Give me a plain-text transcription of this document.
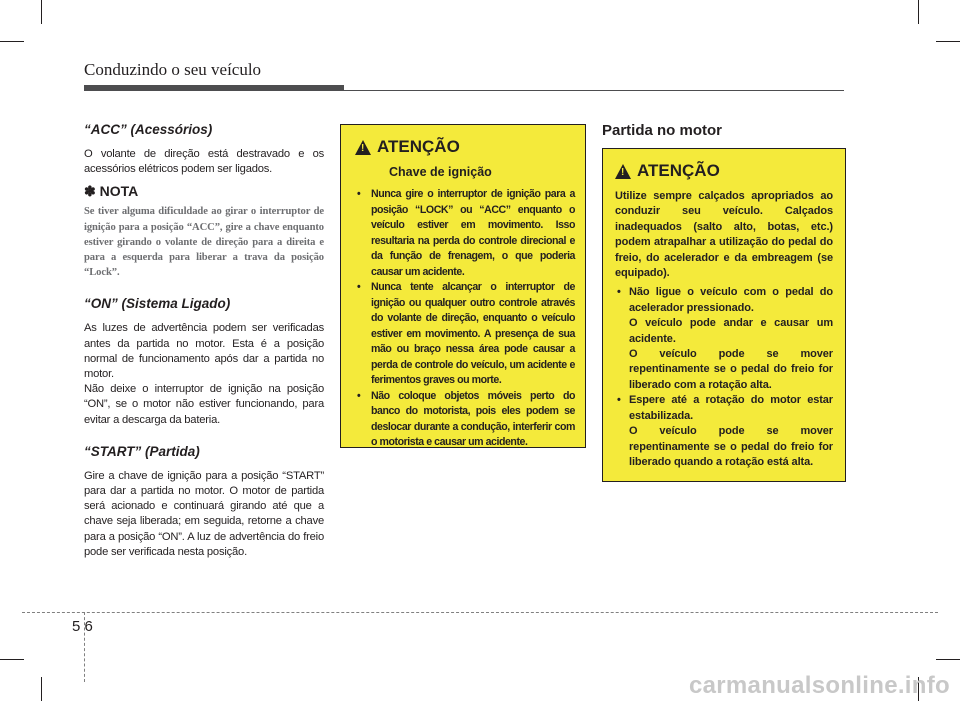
Conduzindo o seu veículo
“ACC” (Acessórios)

O volante de direção está destravado e os acessórios elétricos podem ser ligados.

✽ NOTA
Se tiver alguma dificuldade ao girar o interruptor de ignição para a posição “ACC”, gire a chave enquanto estiver girando o volante de direção para a direita e para a esquerda para liberar a trava da posição “Lock”.
“ON” (Sistema Ligado)

As luzes de advertência podem ser verificadas antes da partida no motor. Esta é a posição normal de funcionamento após dar a partida no motor.

Não deixe o interruptor de ignição na posição “ON”, se o motor não estiver funcionando, para evitar a descarga da bateria.

“START” (Partida)

Gire a chave de ignição para a posição “START” para dar a partida no motor. O motor de partida será acionado e continuará girando até que a chave seja liberada; em seguida, retorne a chave para a posição “ON”. A luz de advertência do freio pode ser verificada nesta posição.

! ATENÇÃO
Chave de ignição
• Nunca gire o interruptor de ignição para a posição “LOCK” ou “ACC” enquanto o veículo estiver em movimento. Isso resultaria na perda do controle direcional e da função de frenagem, o que poderia causar um acidente.
• Nunca tente alcançar o interruptor de ignição ou qualquer outro controle através do volante de direção, enquanto o veículo estiver em movimento. A presença de sua mão ou braço nessa área pode causar a perda de controle do veículo, um acidente e ferimentos graves ou morte.
• Não coloque objetos móveis perto do banco do motorista, pois eles podem se deslocar durante a condução, interferir com o motorista e causar um acidente.
Partida no motor
! ATENÇÃO
Utilize sempre calçados apropriados ao conduzir seu veículo. Calçados inadequados (salto alto, botas, etc.) podem atrapalhar a utilização do pedal do freio, do acelerador e da embreagem (se equipado).
• Não ligue o veículo com o pedal do acelerador pressionado.
O veículo pode andar e causar um acidente.
O veículo pode se mover repentinamente se o pedal do freio for liberado com a rotação alta.
• Espere até a rotação do motor estar estabilizada.
O veículo pode se mover repentinamente se o pedal do freio for liberado quando a rotação está alta.
5 6
carmanualsonline.info
